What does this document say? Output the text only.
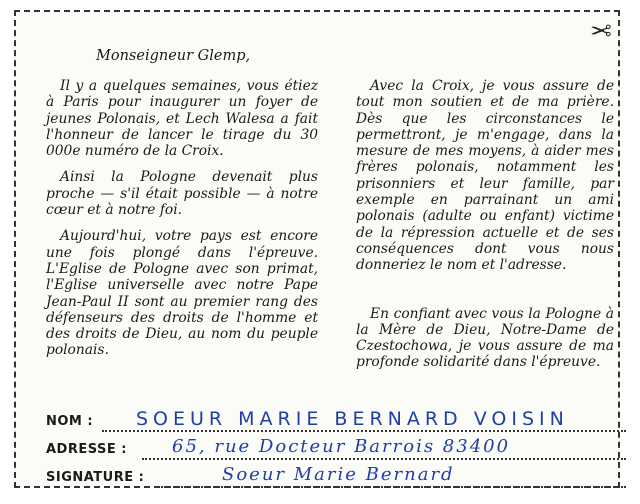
✂
Monseigneur Glemp,

Il y a quelques semaines, vous étiez à Paris pour inaugurer un foyer de jeunes Polonais, et Lech Walesa a fait l'honneur de lancer le tirage du 30 000e numéro de la Croix.

Ainsi la Pologne devenait plus proche — s'il était possible — à notre cœur et à notre foi.

Aujourd'hui, votre pays est encore une fois plongé dans l'épreuve. L'Eglise de Pologne avec son primat, l'Eglise universelle avec notre Pape Jean-Paul II sont au premier rang des défenseurs des droits de l'homme et des droits de Dieu, au nom du peuple polonais.

Avec la Croix, je vous assure de tout mon soutien et de ma prière. Dès que les circonstances le permettront, je m'engage, dans la mesure de mes moyens, à aider mes frères polonais, notamment les prisonniers et leur famille, par exemple en parrainant un ami polonais (adulte ou enfant) victime de la répression actuelle et de ses conséquences dont vous nous donneriez le nom et l'adresse.

En confiant avec vous la Pologne à la Mère de Dieu, Notre-Dame de Czestochowa, je vous assure de ma profonde solidarité dans l'épreuve.

NOM : SOEUR MARIE BERNARD VOISIN
ADRESSE :	65, rue Docteur Barrois 83400
SIGNATURE :	Soeur Marie Bernard
